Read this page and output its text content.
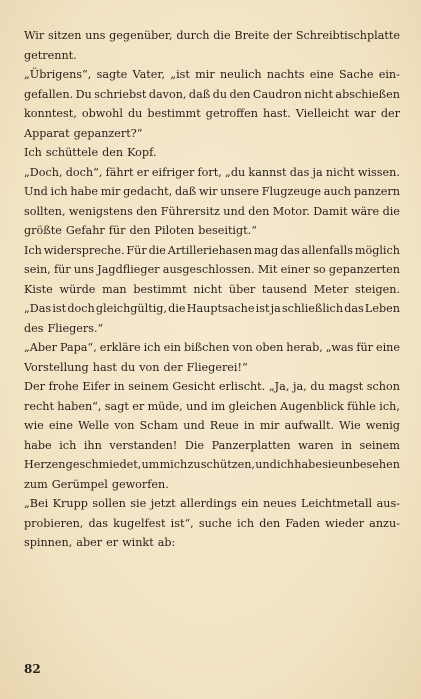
Wir sitzen uns gegenüber, durch die Breite der Schreibtischplatte
getrennt.
„Übrigens“, sagte Vater, „ist mir neulich nachts eine Sache ein-
gefallen. Du schriebst davon, daß du den Caudron nicht abschießen
konntest, obwohl du bestimmt getroffen hast. Vielleicht war der
Apparat gepanzert?“
Ich schüttele den Kopf.
„Doch, doch“, fährt er eifriger fort, „du kannst das ja nicht wissen.
Und ich habe mir gedacht, daß wir unsere Flugzeuge auch panzern
sollten, wenigstens den Führersitz und den Motor. Damit wäre die
größte Gefahr für den Piloten beseitigt.“
Ich widerspreche. Für die Artilleriehasen mag das allenfalls möglich
sein, für uns Jagdflieger ausgeschlossen. Mit einer so gepanzerten
Kiste würde man bestimmt nicht über tausend Meter steigen.
„Das ist doch gleichgültig, die Hauptsache ist ja schließlich das Leben
des Fliegers.“
„Aber Papa“, erkläre ich ein bißchen von oben herab, „was für eine
Vorstellung hast du von der Fliegerei!“
Der frohe Eifer in seinem Gesicht erlischt. „Ja, ja, du magst schon
recht haben“, sagt er müde, und im gleichen Augenblick fühle ich,
wie eine Welle von Scham und Reue in mir aufwallt. Wie wenig
habe ich ihn verstanden! Die Panzerplatten waren in seinem
Herzen geschmiedet, um mich zu schützen, und ich habe sie unbesehen
zum Gerümpel geworfen.
„Bei Krupp sollen sie jetzt allerdings ein neues Leichtmetall aus-
probieren, das kugelfest ist“, suche ich den Faden wieder anzu-
spinnen, aber er winkt ab:
82
